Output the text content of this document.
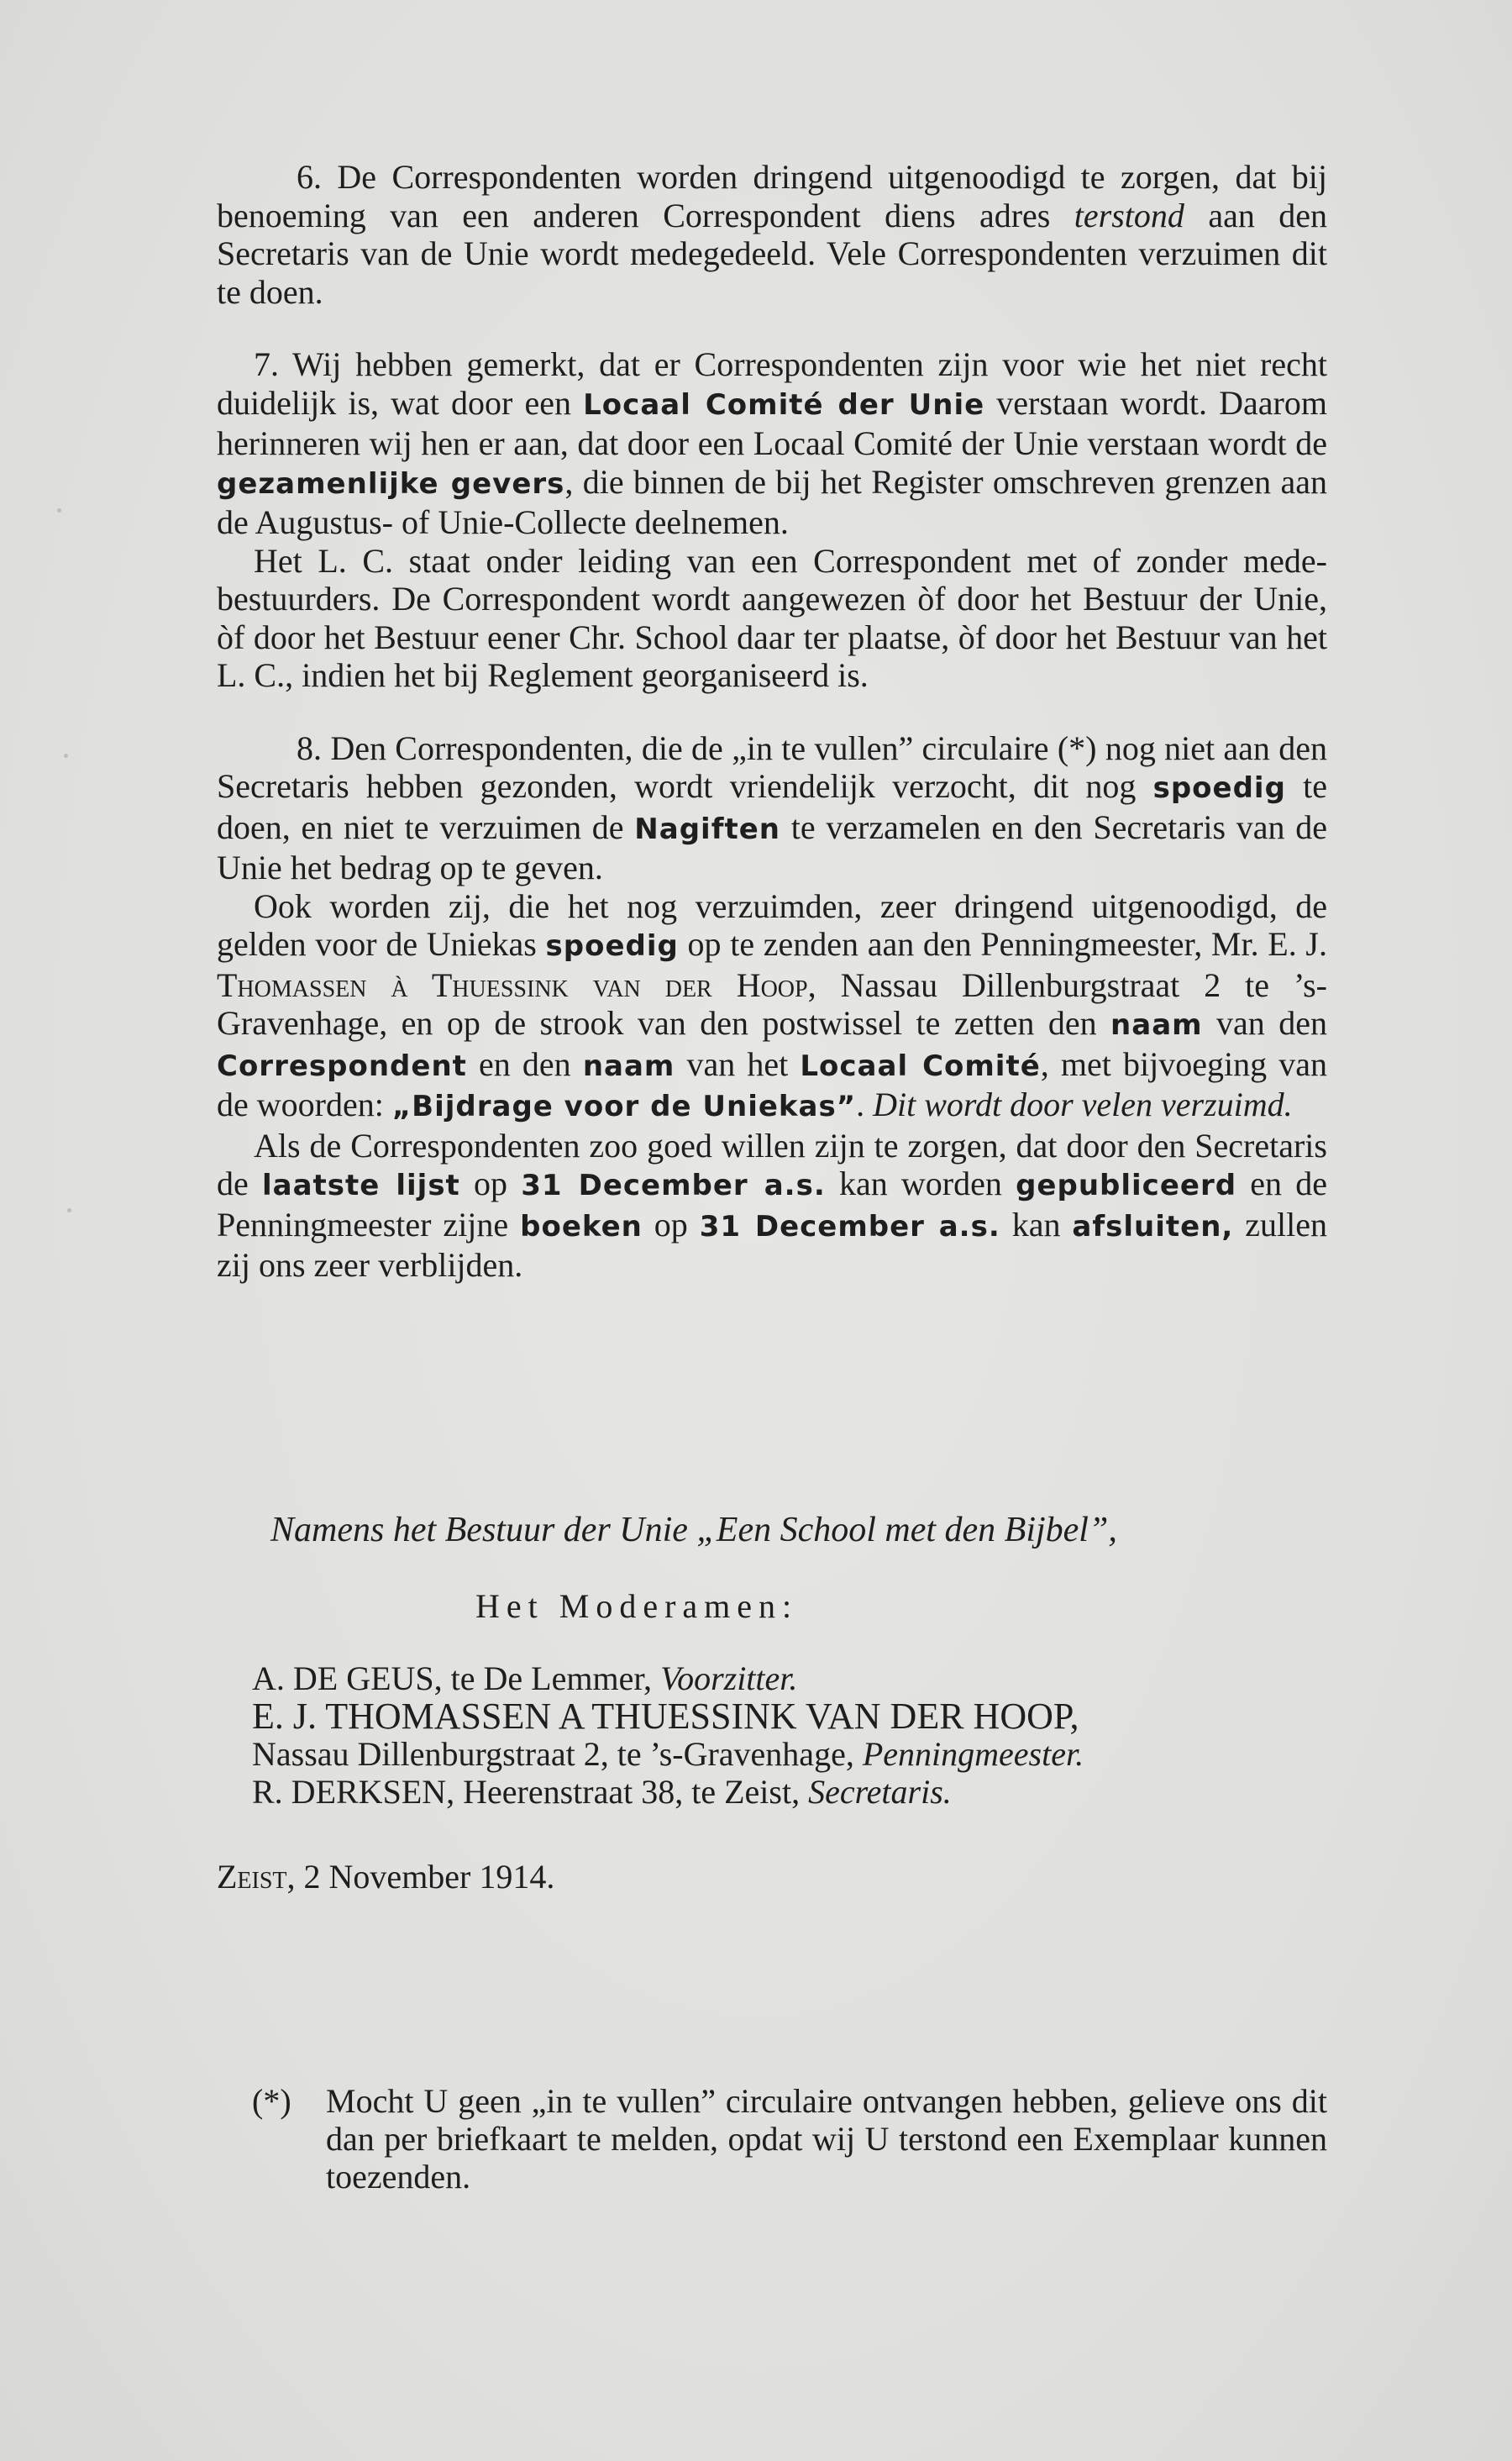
6. De Correspondenten worden dringend uitgenoodigd te zorgen, dat bij benoeming van een anderen Correspondent diens adres terstond aan den Secretaris van de Unie wordt medegedeeld. Vele Correspondenten verzuimen dit te doen.

7. Wij hebben gemerkt, dat er Correspondenten zijn voor wie het niet recht duidelijk is, wat door een Locaal Comité der Unie verstaan wordt. Daarom herinneren wij hen er aan, dat door een Locaal Comité der Unie verstaan wordt de gezamenlijke gevers, die binnen de bij het Register omschreven grenzen aan de Augustus- of Unie-Collecte deelnemen.

Het L. C. staat onder leiding van een Correspondent met of zonder mede-bestuurders. De Correspondent wordt aangewezen òf door het Bestuur der Unie, òf door het Bestuur eener Chr. School daar ter plaatse, òf door het Bestuur van het L. C., indien het bij Reglement georganiseerd is.

8. Den Correspondenten, die de „in te vullen” circulaire (*) nog niet aan den Secretaris hebben gezonden, wordt vriendelijk verzocht, dit nog spoedig te doen, en niet te verzuimen de Nagiften te verzamelen en den Secretaris van de Unie het bedrag op te geven.

Ook worden zij, die het nog verzuimden, zeer dringend uitgenoodigd, de gelden voor de Uniekas spoedig op te zenden aan den Penningmeester, Mr. E. J. Thomassen à Thuessink van der Hoop, Nassau Dillenburgstraat 2 te ’s-Gravenhage, en op de strook van den postwissel te zetten den naam van den Correspondent en den naam van het Locaal Comité, met bijvoeging van de woorden: „Bijdrage voor de Uniekas”. Dit wordt door velen verzuimd.

Als de Correspondenten zoo goed willen zijn te zorgen, dat door den Secretaris de laatste lijst op 31 December a.s. kan worden gepubliceerd en de Penningmeester zijne boeken op 31 December a.s. kan afsluiten, zullen zij ons zeer verblijden.

Namens het Bestuur der Unie „Een School met den Bijbel”,
Het Moderamen:

A. DE GEUS, te De Lemmer, Voorzitter.

E. J. THOMASSEN A THUESSINK VAN DER HOOP,

Nassau Dillenburgstraat 2, te ’s-Gravenhage, Penningmeester.

R. DERKSEN, Heerenstraat 38, te Zeist, Secretaris.

Zeist, 2 November 1914.
(*) Mocht U geen „in te vullen” circulaire ontvangen hebben, gelieve ons dit dan per briefkaart te melden, opdat wij U terstond een Exemplaar kunnen toezenden.
